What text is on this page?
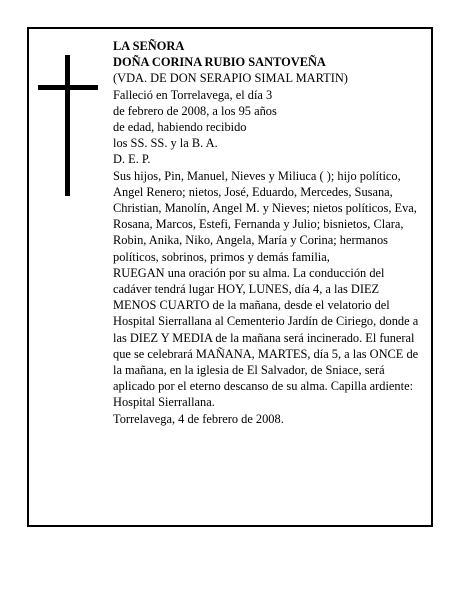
LA SEÑORA

DOÑA CORINA RUBIO SANTOVEÑA

(VDA. DE DON SERAPIO SIMAL MARTIN)

Falleció en Torrelavega, el día 3

de febrero de 2008, a los 95 años

de edad, habiendo recibido

los SS. SS. y la B. A.

D. E. P.

Sus hijos, Pin, Manuel, Nieves y Miliuca ( ); hijo político, Angel Renero; nietos, José, Eduardo, Mercedes, Susana, Christian, Manolín, Angel M. y Nieves; nietos políticos, Eva, Rosana, Marcos, Estefi, Fernanda y Julio; bisnietos, Clara, Robin, Anika, Niko, Angela, María y Corina; hermanos políticos, sobrinos, primos y demás familia,

RUEGAN una oración por su alma. La conducción del cadáver tendrá lugar HOY, LUNES, día 4, a las DIEZ MENOS CUARTO de la mañana, desde el velatorio del Hospital Sierrallana al Cementerio Jardín de Ciriego, donde a las DIEZ Y MEDIA de la mañana será incinerado. El funeral que se celebrará MAÑANA, MARTES, día 5, a las ONCE de la mañana, en la iglesia de El Salvador, de Sniace, será aplicado por el eterno descanso de su alma. Capilla ardiente: Hospital Sierrallana.

Torrelavega, 4 de febrero de 2008.
